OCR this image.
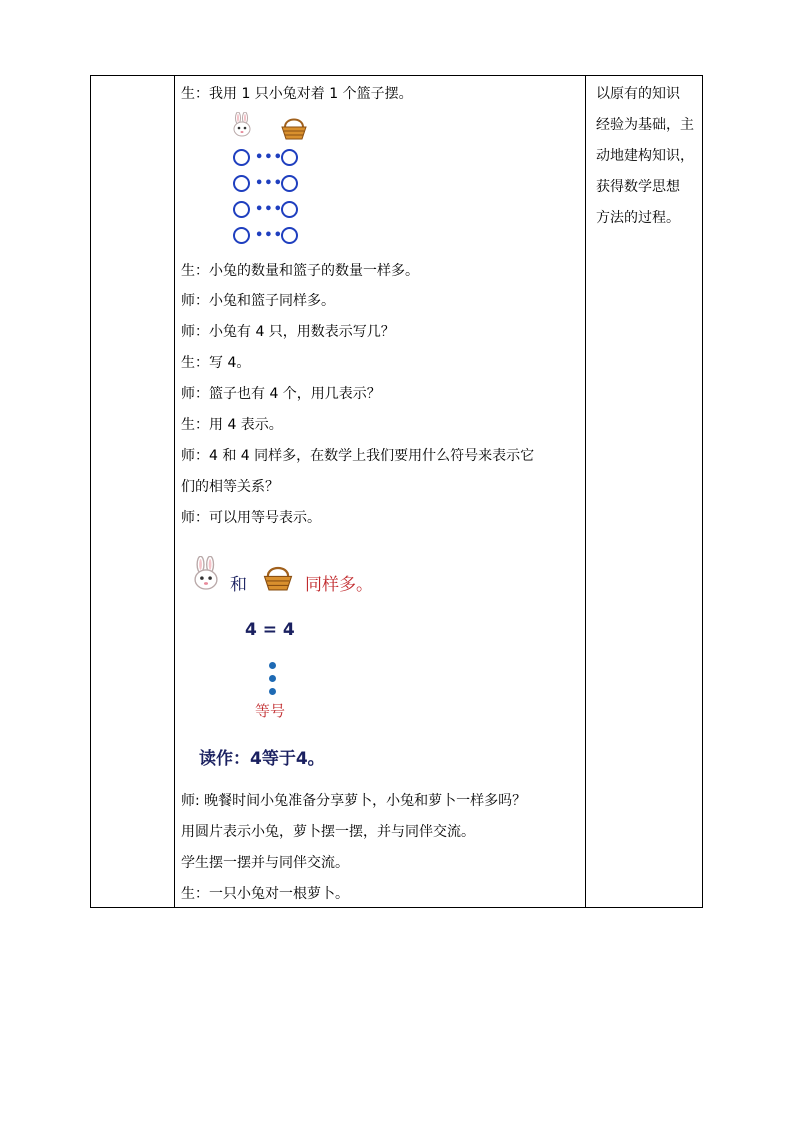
生：我用 1 只小兔对着 1 个篮子摆。
•••
•••
•••
•••
生：小兔的数量和篮子的数量一样多。
师：小兔和篮子同样多。
师：小兔有 4 只，用数表示写几？
生：写 4。
师：篮子也有 4 个，用几表示？
生：用 4 表示。
师：4 和 4 同样多，在数学上我们要用什么符号来表示它
们的相等关系？
师：可以用等号表示。
和	同样多。
4 = 4
等号
读作：4等于4。
师: 晚餐时间小兔准备分享萝卜，小兔和萝卜一样多吗？
用圆片表示小兔，萝卜摆一摆，并与同伴交流。
学生摆一摆并与同伴交流。
生：一只小兔对一根萝卜。
以原有的知识
经验为基础，主
动地建构知识，
获得数学思想
方法的过程。
